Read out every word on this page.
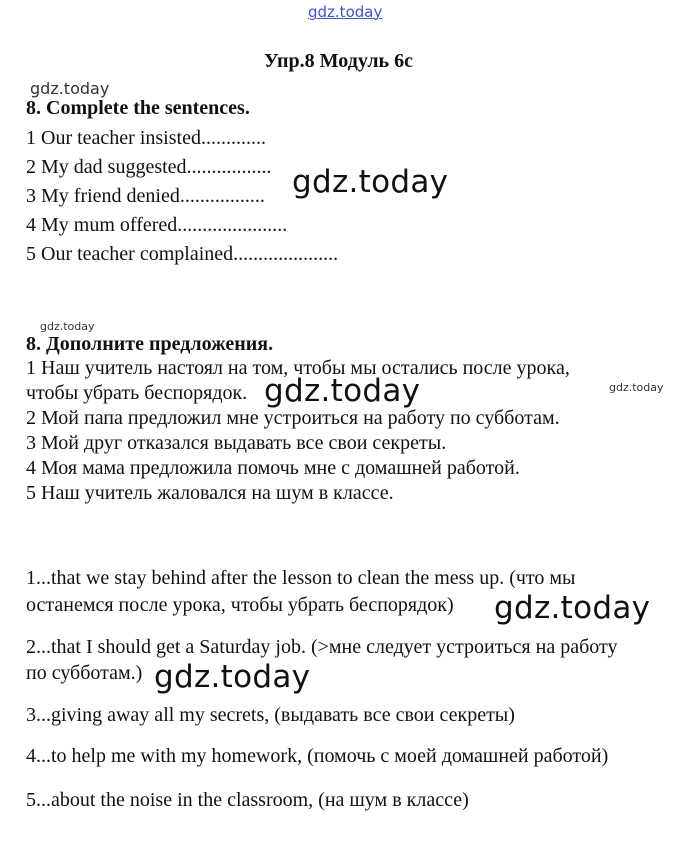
gdz.today
Упр.8 Модуль 6с
gdz.today
8. Complete the sentences.
1 Our teacher insisted.............
2 My dad suggested.................
3 My friend denied.................
4 My mum offered......................
5 Our teacher complained.....................
gdz.today
gdz.today
8. Дополните предложения.
1 Наш учитель настоял на том, чтобы мы остались после урока,
чтобы убрать беспорядок.	gdz.today
gdz.today
2 Мой папа предложил мне устроиться на работу по субботам.
3 Мой друг отказался выдавать все свои секреты.
4 Моя мама предложила помочь мне с домашней работой.
5 Наш учитель жаловался на шум в классе.
1...that we stay behind after the lesson to clean the mess up. (что мы
останемся после урока, чтобы убрать беспорядок) gdz.today
2...that I should get a Saturday job. (>мне следует устроиться на работу
по субботам.) gdz.today
3...giving away all my secrets, (выдавать все свои секреты)
4...to help me with my homework, (помочь с моей домашней работой)
5...about the noise in the classroom, (на шум в классе)
